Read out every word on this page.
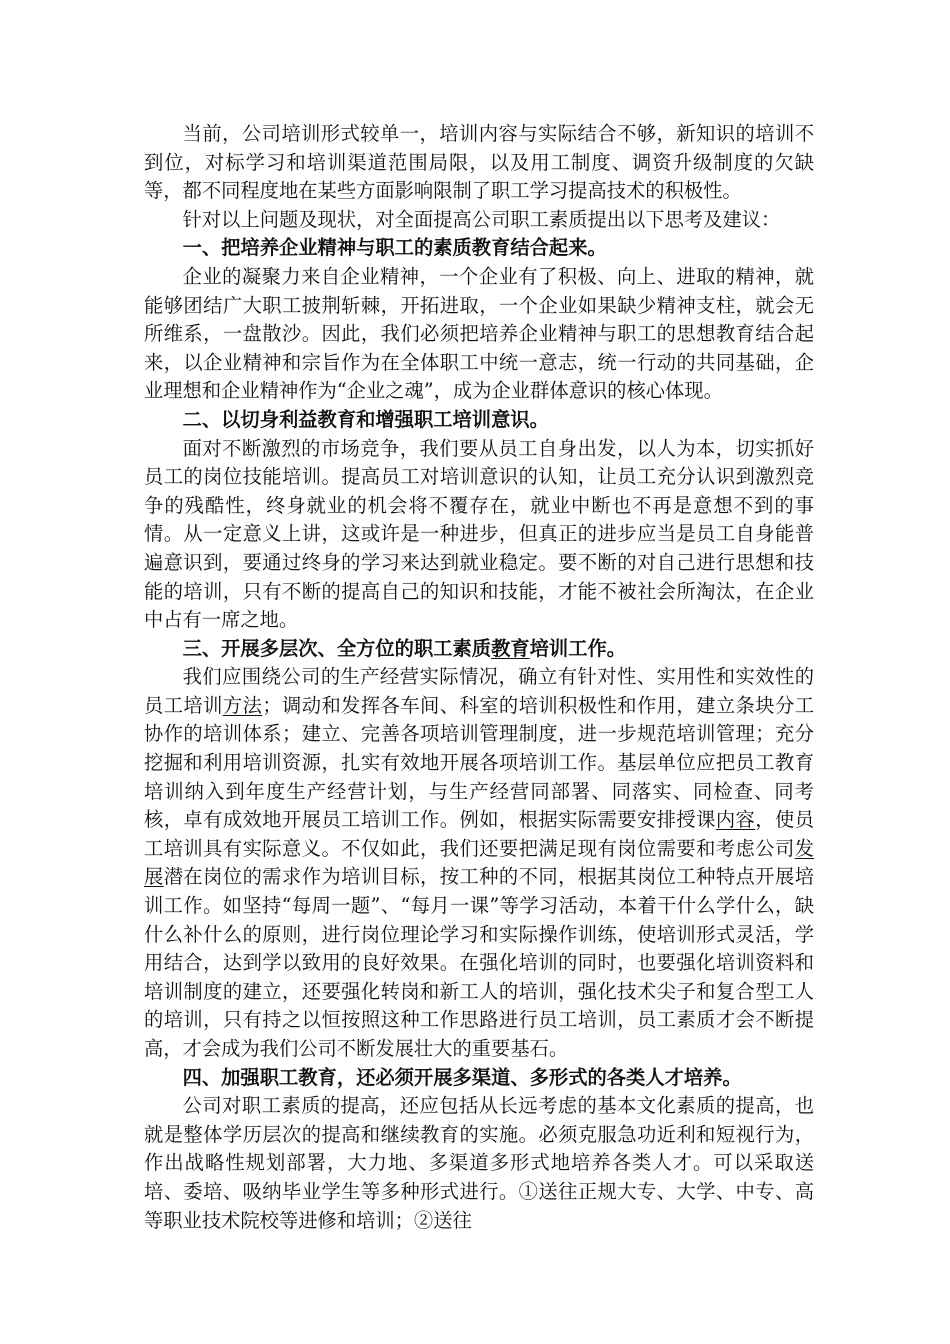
当前，公司培训形式较单一，培训内容与实际结合不够，新知识的培训不到位，对标学习和培训渠道范围局限，以及用工制度、调资升级制度的欠缺等，都不同程度地在某些方面影响限制了职工学习提高技术的积极性。

针对以上问题及现状，对全面提高公司职工素质提出以下思考及建议：

一、把培养企业精神与职工的素质教育结合起来。

企业的凝聚力来自企业精神，一个企业有了积极、向上、进取的精神，就能够团结广大职工披荆斩棘，开拓进取，一个企业如果缺少精神支柱，就会无所维系，一盘散沙。因此，我们必须把培养企业精神与职工的思想教育结合起来，以企业精神和宗旨作为在全体职工中统一意志，统一行动的共同基础，企业理想和企业精神作为“企业之魂”，成为企业群体意识的核心体现。

二、以切身利益教育和增强职工培训意识。

面对不断激烈的市场竞争，我们要从员工自身出发，以人为本，切实抓好员工的岗位技能培训。提高员工对培训意识的认知，让员工充分认识到激烈竞争的残酷性，终身就业的机会将不覆存在，就业中断也不再是意想不到的事情。从一定意义上讲，这或许是一种进步，但真正的进步应当是员工自身能普遍意识到，要通过终身的学习来达到就业稳定。要不断的对自己进行思想和技能的培训，只有不断的提高自己的知识和技能，才能不被社会所淘汰，在企业中占有一席之地。

三、开展多层次、全方位的职工素质教育培训工作。

我们应围绕公司的生产经营实际情况，确立有针对性、实用性和实效性的员工培训方法；调动和发挥各车间、科室的培训积极性和作用，建立条块分工协作的培训体系；建立、完善各项培训管理制度，进一步规范培训管理；充分挖掘和利用培训资源，扎实有效地开展各项培训工作。基层单位应把员工教育培训纳入到年度生产经营计划，与生产经营同部署、同落实、同检查、同考核，卓有成效地开展员工培训工作。例如，根据实际需要安排授课内容，使员工培训具有实际意义。不仅如此，我们还要把满足现有岗位需要和考虑公司发展潜在岗位的需求作为培训目标，按工种的不同，根据其岗位工种特点开展培训工作。如坚持“每周一题”、“每月一课”等学习活动，本着干什么学什么，缺什么补什么的原则，进行岗位理论学习和实际操作训练，使培训形式灵活，学用结合，达到学以致用的良好效果。在强化培训的同时，也要强化培训资料和培训制度的建立，还要强化转岗和新工人的培训，强化技术尖子和复合型工人的培训，只有持之以恒按照这种工作思路进行员工培训，员工素质才会不断提高，才会成为我们公司不断发展壮大的重要基石。

四、加强职工教育，还必须开展多渠道、多形式的各类人才培养。

公司对职工素质的提高，还应包括从长远考虑的基本文化素质的提高，也就是整体学历层次的提高和继续教育的实施。必须克服急功近利和短视行为，作出战略性规划部署，大力地、多渠道多形式地培养各类人才。可以采取送培、委培、吸纳毕业学生等多种形式进行。①送往正规大专、大学、中专、高等职业技术院校等进修和培训；②送往
